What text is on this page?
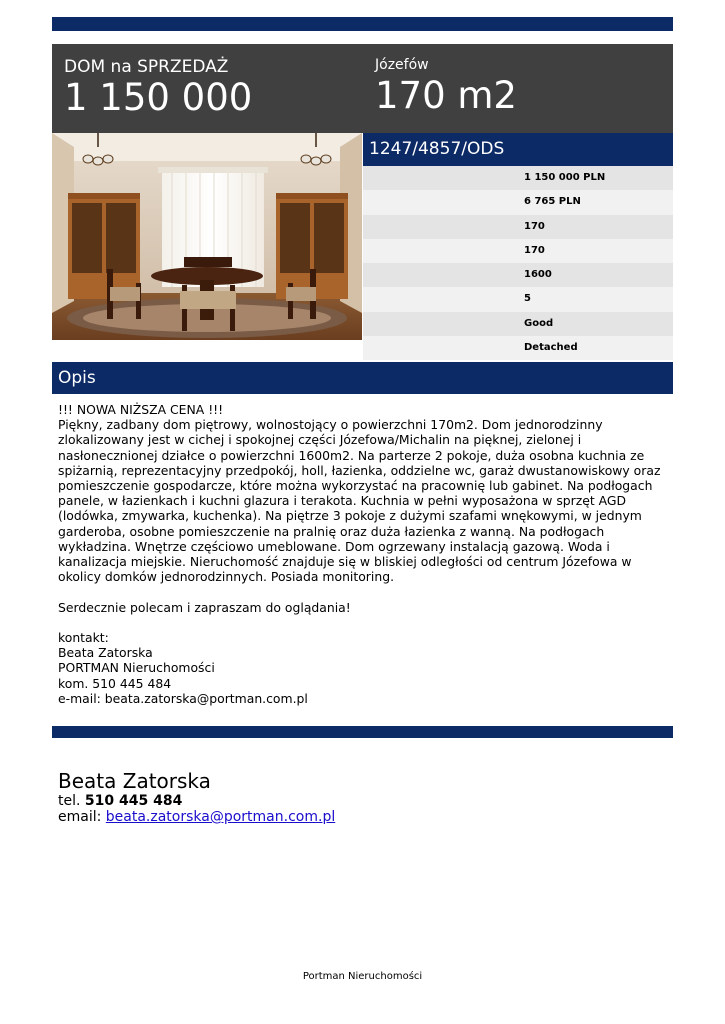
DOM na SPRZEDAŻ
1 150 000
Józefów
170 m2
1247/4857/ODS
1 150 000 PLN
6 765 PLN
170
170
1600
5
Good
Detached
Opis

!!! NOWA NIŻSZA CENA !!!

Piękny, zadbany dom piętrowy, wolnostojący o powierzchni 170m2. Dom jednorodzinny

zlokalizowany jest w cichej i spokojnej części Józefowa/Michalin na pięknej, zielonej i

nasłonecznionej działce o powierzchni 1600m2. Na parterze 2 pokoje, duża osobna kuchnia ze

spiżarnią, reprezentacyjny przedpokój, holl, łazienka, oddzielne wc, garaż dwustanowiskowy oraz

pomieszczenie gospodarcze, które można wykorzystać na pracownię lub gabinet. Na podłogach

panele, w łazienkach i kuchni glazura i terakota. Kuchnia w pełni wyposażona w sprzęt AGD

(lodówka, zmywarka, kuchenka). Na piętrze 3 pokoje z dużymi szafami wnękowymi, w jednym

garderoba, osobne pomieszczenie na pralnię oraz duża łazienka z wanną. Na podłogach

wykładzina. Wnętrze częściowo umeblowane. Dom ogrzewany instalacją gazową. Woda i

kanalizacja miejskie. Nieruchomość znajduje się w bliskiej odległości od centrum Józefowa w

okolicy domków jednorodzinnych. Posiada monitoring.

Serdecznie polecam i zapraszam do oglądania!

kontakt:

Beata Zatorska

PORTMAN Nieruchomości

kom. 510 445 484

e-mail: beata.zatorska@portman.com.pl

Beata Zatorska
tel. 510 445 484
email: beata.zatorska@portman.com.pl
Portman Nieruchomości
